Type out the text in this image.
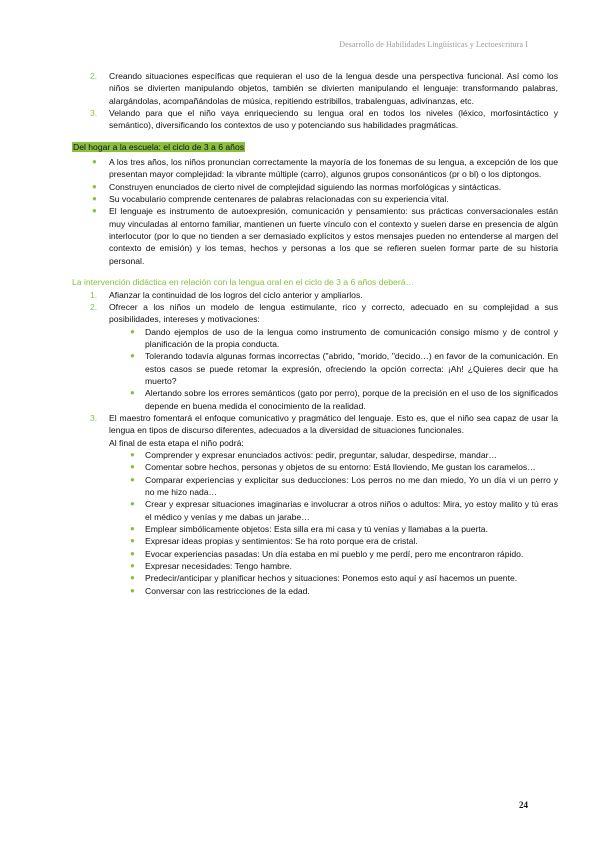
Desarrollo de Habilidades Lingüísticas y Lectoescritura I

2. Creando situaciones específicas que requieran el uso de la lengua desde una perspectiva funcional. Así como los niños se divierten manipulando objetos, también se divierten manipulando el lenguaje: transformando palabras, alargándolas, acompañándolas de música, repitiendo estribillos, trabalenguas, adivinanzas, etc.

3. Velando para que el niño vaya enriqueciendo su lengua oral en todos los niveles (léxico, morfosintáctico y semántico), diversificando los contextos de uso y potenciando sus habilidades pragmáticas.

Del hogar a la escuela: el ciclo de 3 a 6 años

● A los tres años, los niños pronuncian correctamente la mayoría de los fonemas de su lengua, a excepción de los que presentan mayor complejidad: la vibrante múltiple (carro), algunos grupos consonánticos (pr o bl) o los diptongos.

● Construyen enunciados de cierto nivel de complejidad siguiendo las normas morfológicas y sintácticas.

● Su vocabulario comprende centenares de palabras relacionadas con su experiencia vital.

● El lenguaje es instrumento de autoexpresión, comunicación y pensamiento: sus prácticas conversacionales están muy vinculadas al entorno familiar, mantienen un fuerte vínculo con el contexto y suelen darse en presencia de algún interlocutor (por lo que no tienden a ser demasiado explícitos y estos mensajes pueden no entenderse al margen del contexto de emisión) y los temas, hechos y personas a los que se refieren suelen formar parte de su historia personal.

La intervención didáctica en relación con la lengua oral en el ciclo de 3 a 6 años deberá…

1. Afianzar la continuidad de los logros del ciclo anterior y ampliarlos.

2. Ofrecer a los niños un modelo de lengua estimulante, rico y correcto, adecuado en su complejidad a sus posibilidades, intereses y motivaciones:

● Dando ejemplos de uso de la lengua como instrumento de comunicación consigo mismo y de control y planificación de la propia conducta.

● Tolerando todavía algunas formas incorrectas ("abrido, "morido, "decido…) en favor de la comunicación. En estos casos se puede retomar la expresión, ofreciendo la opción correcta: ¡Ah! ¿Quieres decir que ha muerto?

● Alertando sobre los errores semánticos (gato por perro), porque de la precisión en el uso de los significados depende en buena medida el conocimiento de la realidad.

3. El maestro fomentará el enfoque comunicativo y pragmático del lenguaje. Esto es, que el niño sea capaz de usar la lengua en tipos de discurso diferentes, adecuados a la diversidad de situaciones funcionales.

Al final de esta etapa el niño podrá:

● Comprender y expresar enunciados activos: pedir, preguntar, saludar, despedirse, mandar…

● Comentar sobre hechos, personas y objetos de su entorno: Está lloviendo, Me gustan los caramelos…

● Comparar experiencias y explicitar sus deducciones: Los perros no me dan miedo, Yo un día vi un perro y no me hizo nada…

● Crear y expresar situaciones imaginarias e involucrar a otros niños o adultos: Mira, yo estoy malito y tú eras el médico y venías y me dabas un jarabe…

● Emplear simbólicamente objetos: Esta silla era mi casa y tú venías y llamabas a la puerta.

● Expresar ideas propias y sentimientos: Se ha roto porque era de cristal.

● Evocar experiencias pasadas: Un día estaba en mi pueblo y me perdí, pero me encontraron rápido.

● Expresar necesidades: Tengo hambre.

● Predecir/anticipar y planificar hechos y situaciones: Ponemos esto aquí y así hacemos un puente.

● Conversar con las restricciones de la edad.

24
